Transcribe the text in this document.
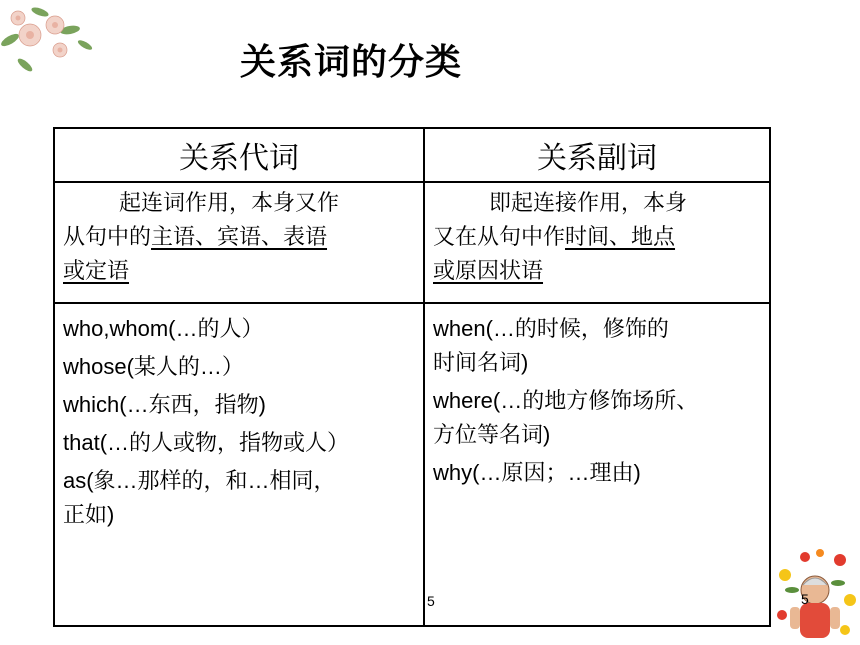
关系词的分类
关系代词	关系副词
起连词作用，本身又作
从句中的主语、宾语、表语
或定语
即起连接作用，本身
又在从句中作时间、地点
或原因状语
who,whom(…的人）
whose(某人的…）
which(…东西，指物)
that(…的人或物，指物或人）
as(象…那样的，和…相同，
正如)
when(…的时候，修饰的
时间名词)
where(…的地方修饰场所、
方位等名词)
why(…原因；…理由)
5	5
